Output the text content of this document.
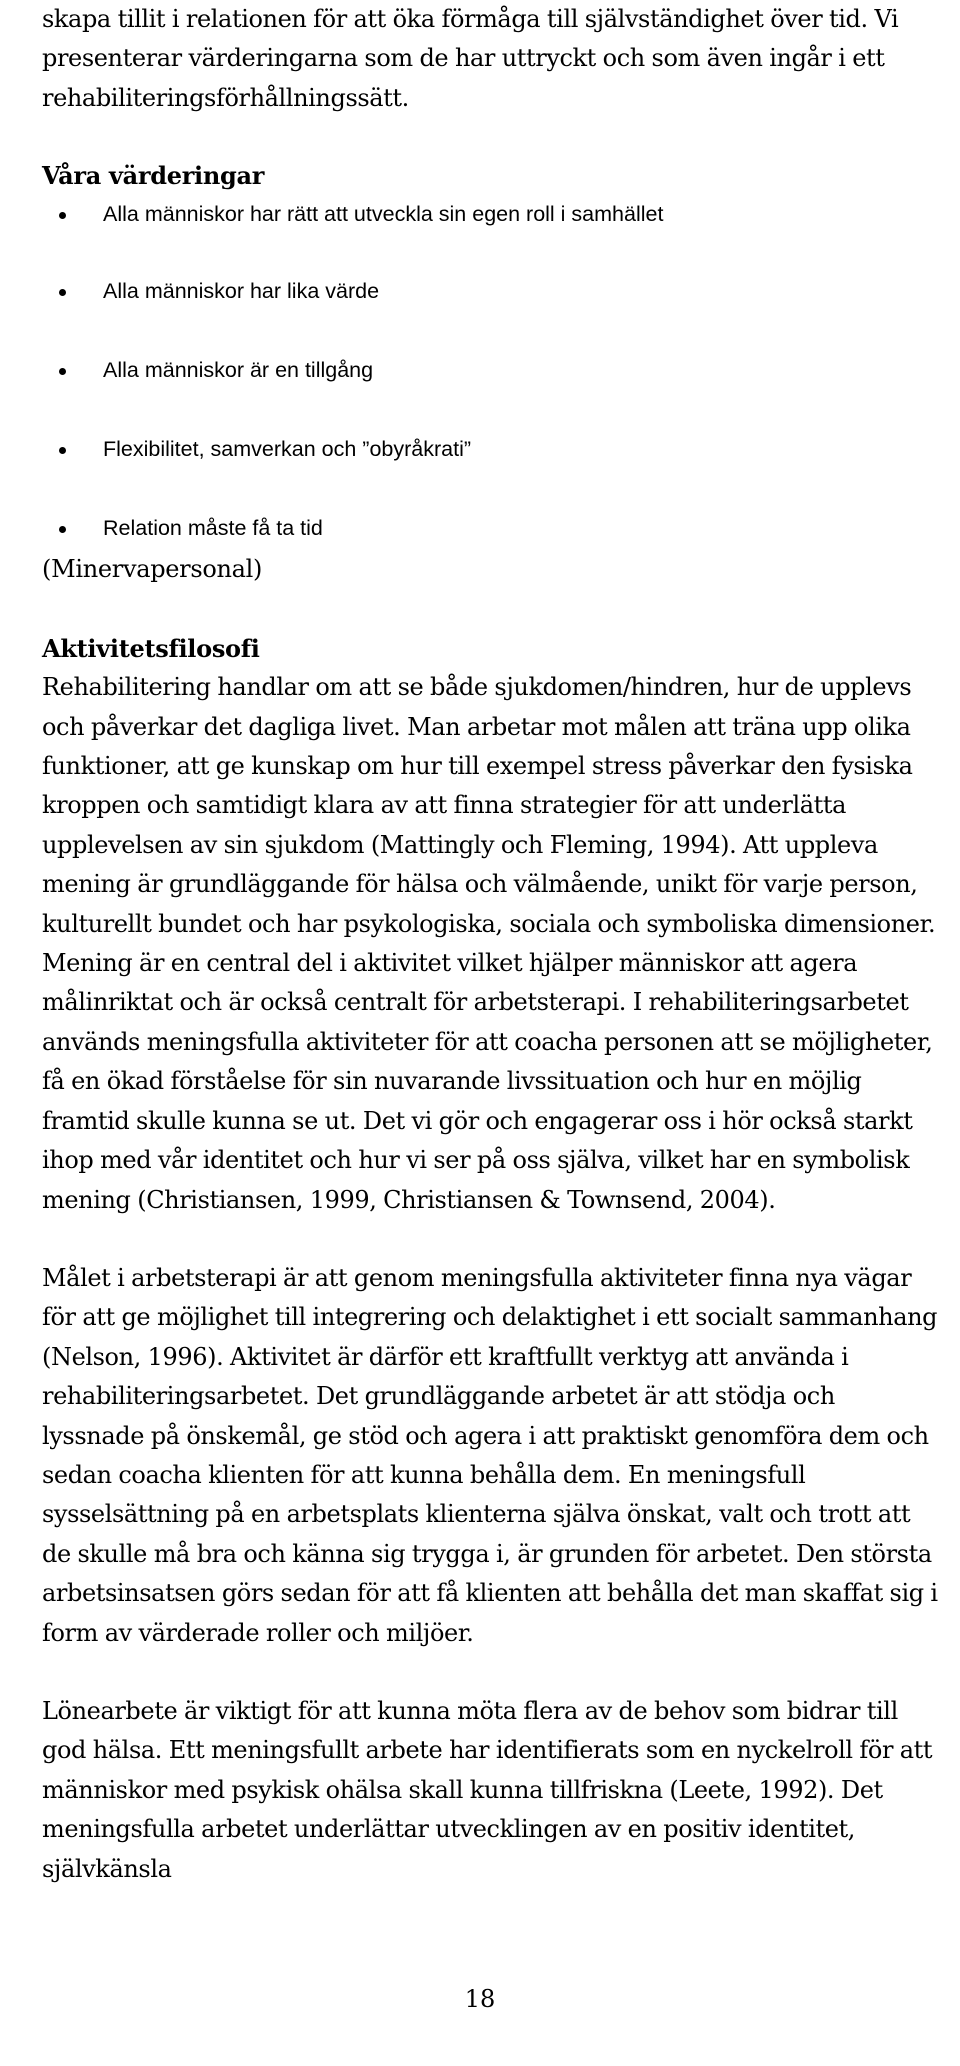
skapa tillit i relationen för att öka förmåga till självständighet över tid. Vi presenterar värderingarna som de har uttryckt och som även ingår i ett rehabiliteringsförhållningssätt.

Våra värderingar
Alla människor har rätt att utveckla sin egen roll i samhället
Alla människor har lika värde
Alla människor är en tillgång
Flexibilitet, samverkan och ”obyråkrati”
Relation måste få ta tid

(Minervapersonal)

Aktivitetsfilosofi

Rehabilitering handlar om att se både sjukdomen/hindren, hur de upplevs och påverkar det dagliga livet. Man arbetar mot målen att träna upp olika funktioner, att ge kunskap om hur till exempel stress påverkar den fysiska kroppen och samtidigt klara av att finna strategier för att underlätta upplevelsen av sin sjukdom (Mattingly och Fleming, 1994). Att uppleva mening är grundläggande för hälsa och välmående, unikt för varje person, kulturellt bundet och har psykologiska, sociala och symboliska dimensioner. Mening är en central del i aktivitet vilket hjälper människor att agera målinriktat och är också centralt för arbetsterapi. I rehabiliteringsarbetet används meningsfulla aktiviteter för att coacha personen att se möjligheter, få en ökad förståelse för sin nuvarande livssituation och hur en möjlig framtid skulle kunna se ut. Det vi gör och engagerar oss i hör också starkt ihop med vår identitet och hur vi ser på oss själva, vilket har en symbolisk mening (Christiansen, 1999, Christiansen & Townsend, 2004).

Målet i arbetsterapi är att genom meningsfulla aktiviteter finna nya vägar för att ge möjlighet till integrering och delaktighet i ett socialt sammanhang (Nelson, 1996). Aktivitet är därför ett kraftfullt verktyg att använda i rehabiliteringsarbetet. Det grundläggande arbetet är att stödja och lyssnade på önskemål, ge stöd och agera i att praktiskt genomföra dem och sedan coacha klienten för att kunna behålla dem. En meningsfull sysselsättning på en arbetsplats klienterna själva önskat, valt och trott att de skulle må bra och känna sig trygga i, är grunden för arbetet. Den största arbetsinsatsen görs sedan för att få klienten att behålla det man skaffat sig i form av värderade roller och miljöer.

Lönearbete är viktigt för att kunna möta flera av de behov som bidrar till god hälsa. Ett meningsfullt arbete har identifierats som en nyckelroll för att människor med psykisk ohälsa skall kunna tillfriskna (Leete, 1992). Det meningsfulla arbetet underlättar utvecklingen av en positiv identitet, självkänsla

18
